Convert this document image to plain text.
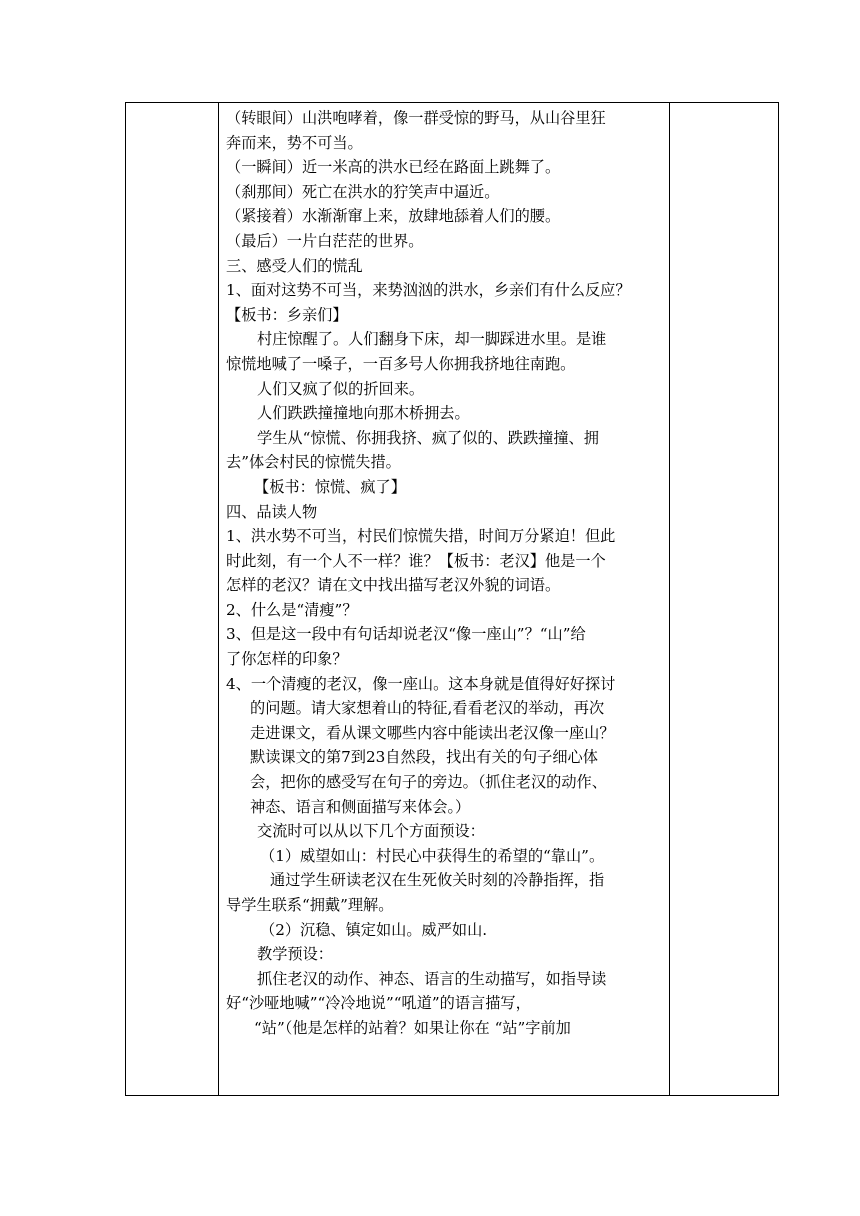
（转眼间）山洪咆哮着，像一群受惊的野马，从山谷里狂
奔而来，势不可当。
（一瞬间）近一米高的洪水已经在路面上跳舞了。
（刹那间）死亡在洪水的狞笑声中逼近。
（紧接着）水渐渐窜上来，放肆地舔着人们的腰。
（最后）一片白茫茫的世界。
三、感受人们的慌乱
1、面对这势不可当，来势汹汹的洪水，乡亲们有什么反应？
【板书：乡亲们】
村庄惊醒了。人们翻身下床，却一脚踩进水里。是谁
惊慌地喊了一嗓子，一百多号人你拥我挤地往南跑。
人们又疯了似的折回来。
人们跌跌撞撞地向那木桥拥去。
学生从“惊慌、你拥我挤、疯了似的、跌跌撞撞、拥
去”体会村民的惊慌失措。
【板书：惊慌、疯了】
四、品读人物
1、洪水势不可当，村民们惊慌失措，时间万分紧迫！但此
时此刻，有一个人不一样？谁？【板书：老汉】他是一个
怎样的老汉？请在文中找出描写老汉外貌的词语。
2、什么是“清瘦”？
3、但是这一段中有句话却说老汉“像一座山”？“山”给
了你怎样的印象？
4、一个清瘦的老汉，像一座山。这本身就是值得好好探讨
的问题。请大家想着山的特征,看看老汉的举动，再次
走进课文，看从课文哪些内容中能读出老汉像一座山？
默读课文的第7到23自然段，找出有关的句子细心体
会，把你的感受写在句子的旁边。（抓住老汉的动作、
神态、语言和侧面描写来体会。）
交流时可以从以下几个方面预设：
（1）威望如山：村民心中获得生的希望的“靠山”。
通过学生研读老汉在生死攸关时刻的冷静指挥，指
导学生联系“拥戴”理解。
（2）沉稳、镇定如山。威严如山.
教学预设：
抓住老汉的动作、神态、语言的生动描写，如指导读
好“沙哑地喊”“冷冷地说”“吼道”的语言描写，
“站”（他是怎样的站着？如果让你在 “站”字前加
